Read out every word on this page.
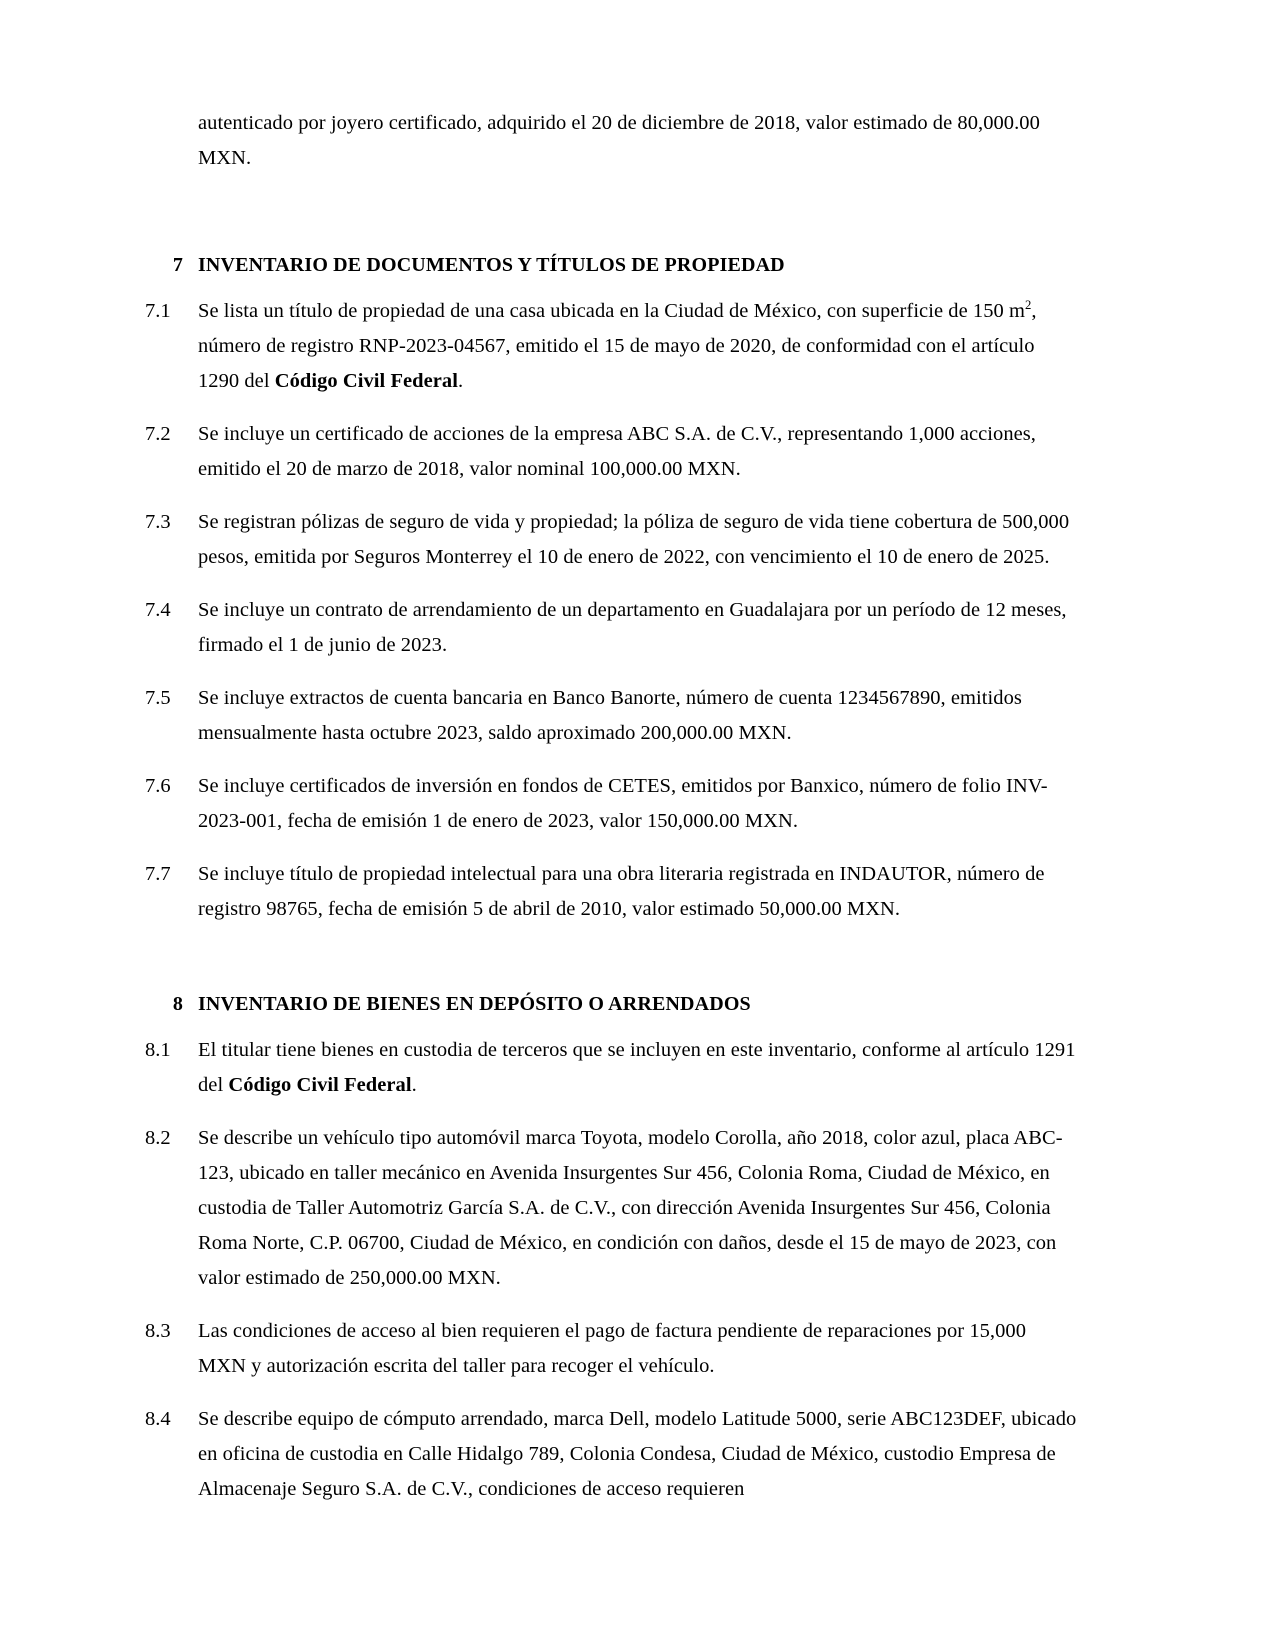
autenticado por joyero certificado, adquirido el 20 de diciembre de 2018, valor estimado de 80,000.00 MXN.

7 INVENTARIO DE DOCUMENTOS Y TÍTULOS DE PROPIEDAD
7.1	Se lista un título de propiedad de una casa ubicada en la Ciudad de México, con superficie de 150 $m^2$, número de registro RNP-2023-04567, emitido el 15 de mayo de 2020, de conformidad con el artículo 1290 del Código Civil Federal.
7.2	Se incluye un certificado de acciones de la empresa ABC S.A. de C.V., representando 1,000 acciones, emitido el 20 de marzo de 2018, valor nominal 100,000.00 MXN.
7.3	Se registran pólizas de seguro de vida y propiedad; la póliza de seguro de vida tiene cobertura de 500,000 pesos, emitida por Seguros Monterrey el 10 de enero de 2022, con vencimiento el 10 de enero de 2025.
7.4	Se incluye un contrato de arrendamiento de un departamento en Guadalajara por un período de 12 meses, firmado el 1 de junio de 2023.
7.5	Se incluye extractos de cuenta bancaria en Banco Banorte, número de cuenta 1234567890, emitidos mensualmente hasta octubre 2023, saldo aproximado 200,000.00 MXN.
7.6	Se incluye certificados de inversión en fondos de CETES, emitidos por Banxico, número de folio INV-2023-001, fecha de emisión 1 de enero de 2023, valor 150,000.00 MXN.
7.7	Se incluye título de propiedad intelectual para una obra literaria registrada en INDAUTOR, número de registro 98765, fecha de emisión 5 de abril de 2010, valor estimado 50,000.00 MXN.
8 INVENTARIO DE BIENES EN DEPÓSITO O ARRENDADOS
8.1	El titular tiene bienes en custodia de terceros que se incluyen en este inventario, conforme al artículo 1291 del Código Civil Federal.
8.2	Se describe un vehículo tipo automóvil marca Toyota, modelo Corolla, año 2018, color azul, placa ABC-123, ubicado en taller mecánico en Avenida Insurgentes Sur 456, Colonia Roma, Ciudad de México, en custodia de Taller Automotriz García S.A. de C.V., con dirección Avenida Insurgentes Sur 456, Colonia Roma Norte, C.P. 06700, Ciudad de México, en condición con daños, desde el 15 de mayo de 2023, con valor estimado de 250,000.00 MXN.
8.3	Las condiciones de acceso al bien requieren el pago de factura pendiente de reparaciones por 15,000 MXN y autorización escrita del taller para recoger el vehículo.
8.4	Se describe equipo de cómputo arrendado, marca Dell, modelo Latitude 5000, serie ABC123DEF, ubicado en oficina de custodia en Calle Hidalgo 789, Colonia Condesa, Ciudad de México, custodio Empresa de Almacenaje Seguro S.A. de C.V., condiciones de acceso requieren
